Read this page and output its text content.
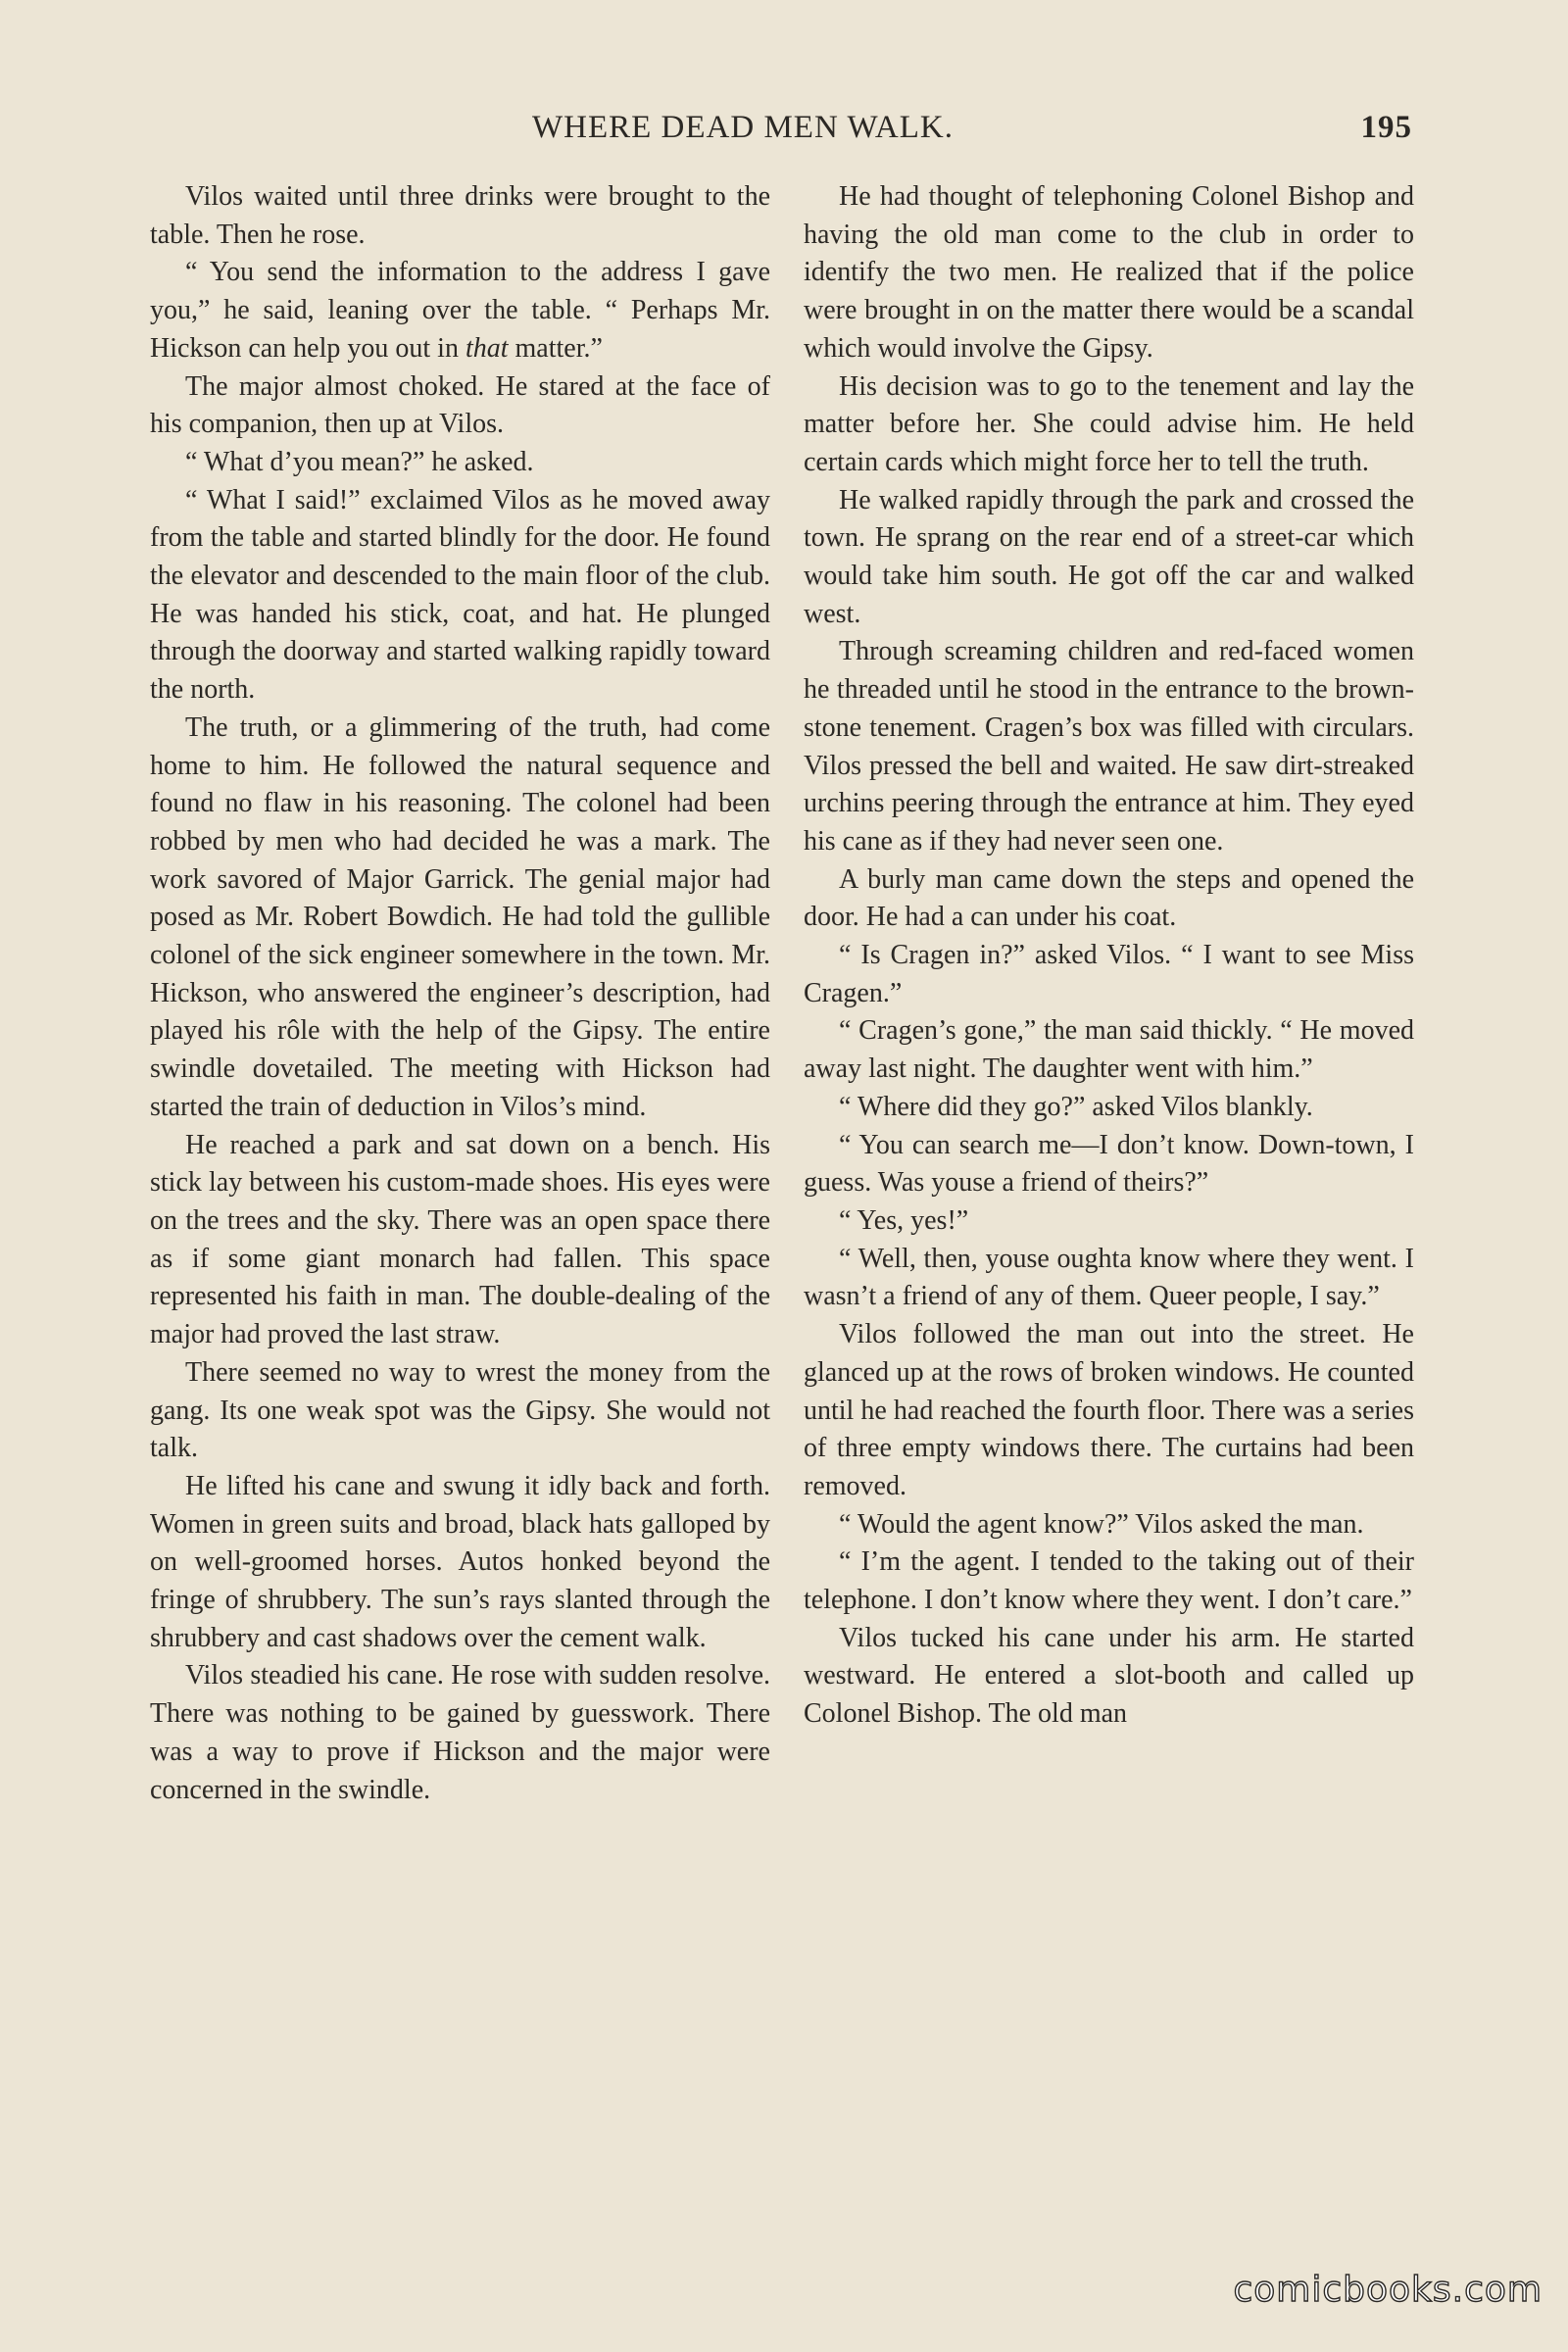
WHERE DEAD MEN WALK.	195

Vilos waited until three drinks were brought to the table. Then he rose.

“ You send the information to the address I gave you,” he said, leaning over the table. “ Perhaps Mr. Hickson can help you out in that matter.”

The major almost choked. He stared at the face of his companion, then up at Vilos.

“ What d’you mean?” he asked.

“ What I said!” exclaimed Vilos as he moved away from the table and started blindly for the door. He found the elevator and descended to the main floor of the club. He was handed his stick, coat, and hat. He plunged through the doorway and started walking rapidly toward the north.

The truth, or a glimmering of the truth, had come home to him. He followed the natural sequence and found no flaw in his reasoning. The colonel had been robbed by men who had decided he was a mark. The work savored of Major Garrick. The genial major had posed as Mr. Robert Bowdich. He had told the gullible colonel of the sick engineer somewhere in the town. Mr. Hickson, who answered the engineer’s description, had played his rôle with the help of the Gipsy. The entire swindle dovetailed. The meeting with Hickson had started the train of deduction in Vilos’s mind.

He reached a park and sat down on a bench. His stick lay between his custom-made shoes. His eyes were on the trees and the sky. There was an open space there as if some giant monarch had fallen. This space represented his faith in man. The double-dealing of the major had proved the last straw.

There seemed no way to wrest the money from the gang. Its one weak spot was the Gipsy. She would not talk.

He lifted his cane and swung it idly back and forth. Women in green suits and broad, black hats galloped by on well-groomed horses. Autos honked beyond the fringe of shrubbery. The sun’s rays slanted through the shrubbery and cast shadows over the cement walk.

Vilos steadied his cane. He rose with sudden resolve. There was nothing to be gained by guesswork. There was a way to prove if Hickson and the major were concerned in the swindle.

He had thought of telephoning Colonel Bishop and having the old man come to the club in order to identify the two men. He realized that if the police were brought in on the matter there would be a scandal which would involve the Gipsy.

His decision was to go to the tenement and lay the matter before her. She could advise him. He held certain cards which might force her to tell the truth.

He walked rapidly through the park and crossed the town. He sprang on the rear end of a street-car which would take him south. He got off the car and walked west.

Through screaming children and red-faced women he threaded until he stood in the entrance to the brown-stone tenement. Cragen’s box was filled with circulars. Vilos pressed the bell and waited. He saw dirt-streaked urchins peering through the entrance at him. They eyed his cane as if they had never seen one.

A burly man came down the steps and opened the door. He had a can under his coat.

“ Is Cragen in?” asked Vilos. “ I want to see Miss Cragen.”

“ Cragen’s gone,” the man said thickly. “ He moved away last night. The daughter went with him.”

“ Where did they go?” asked Vilos blankly.

“ You can search me—I don’t know. Down-town, I guess. Was youse a friend of theirs?”

“ Yes, yes!”

“ Well, then, youse oughta know where they went. I wasn’t a friend of any of them. Queer people, I say.”

Vilos followed the man out into the street. He glanced up at the rows of broken windows. He counted until he had reached the fourth floor. There was a series of three empty windows there. The curtains had been removed.

“ Would the agent know?” Vilos asked the man.

“ I’m the agent. I tended to the taking out of their telephone. I don’t know where they went. I don’t care.”

Vilos tucked his cane under his arm. He started westward. He entered a slot-booth and called up Colonel Bishop. The old man

comicbooks.com
